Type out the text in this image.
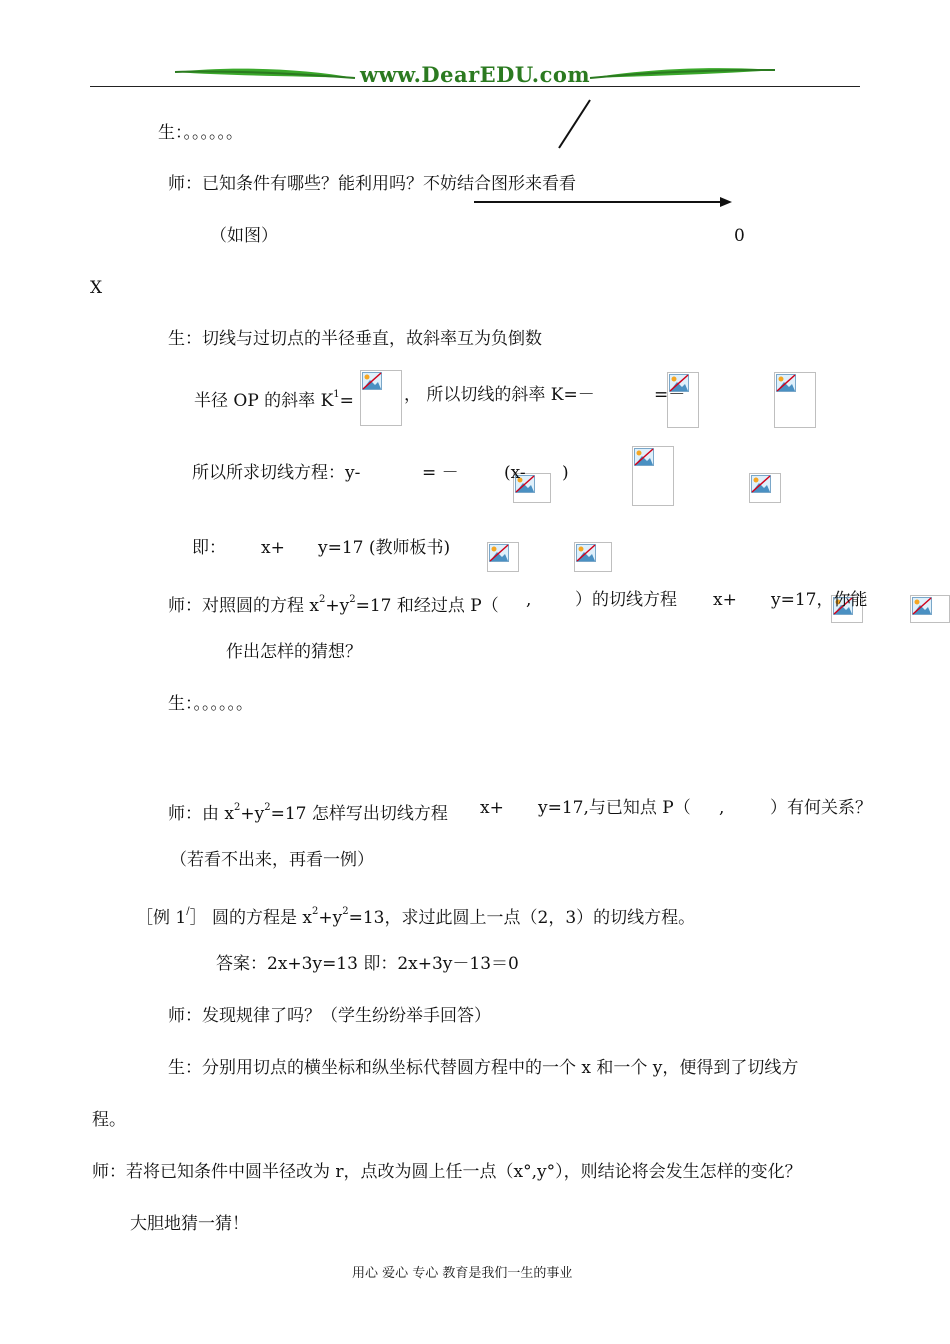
www.DearEDU.com
生：。。。。。。
师：已知条件有哪些？能利用吗？不妨结合图形来看看
（如图）	0
X
生：切线与过切点的半径垂直，故斜率互为负倒数
半径 OP 的斜率 $K^1=$
	， 所以切线的斜率 K=－
	=－

所以所求切线方程：y-
	= －
	(x-
)
即：
x+
y=17 (教师板书)
师：对照圆的方程 $x^2+y^2=17$ 和经过点 P（
,
	）的切线方程
x+
y=17，你能
作出怎样的猜想？
生：。。。。。。
师：由 $x^2+y^2=17$ 怎样写出切线方程
x+
y=17,与已知点 P（
,	）有何关系？
（若看不出来，再看一例）
［例 1/］ 圆的方程是 $x^2+y^2=13$，求过此圆上一点（2，3）的切线方程。
答案：2x+3y=13 即：2x+3y－13＝0
师：发现规律了吗？（学生纷纷举手回答）
生：分别用切点的横坐标和纵坐标代替圆方程中的一个 x 和一个 y，便得到了切线方
程。
师：若将已知条件中圆半径改为 r，点改为圆上任一点（x°,y°），则结论将会发生怎样的变化？
大胆地猜一猜！
用心 爱心 专心 教育是我们一生的事业
